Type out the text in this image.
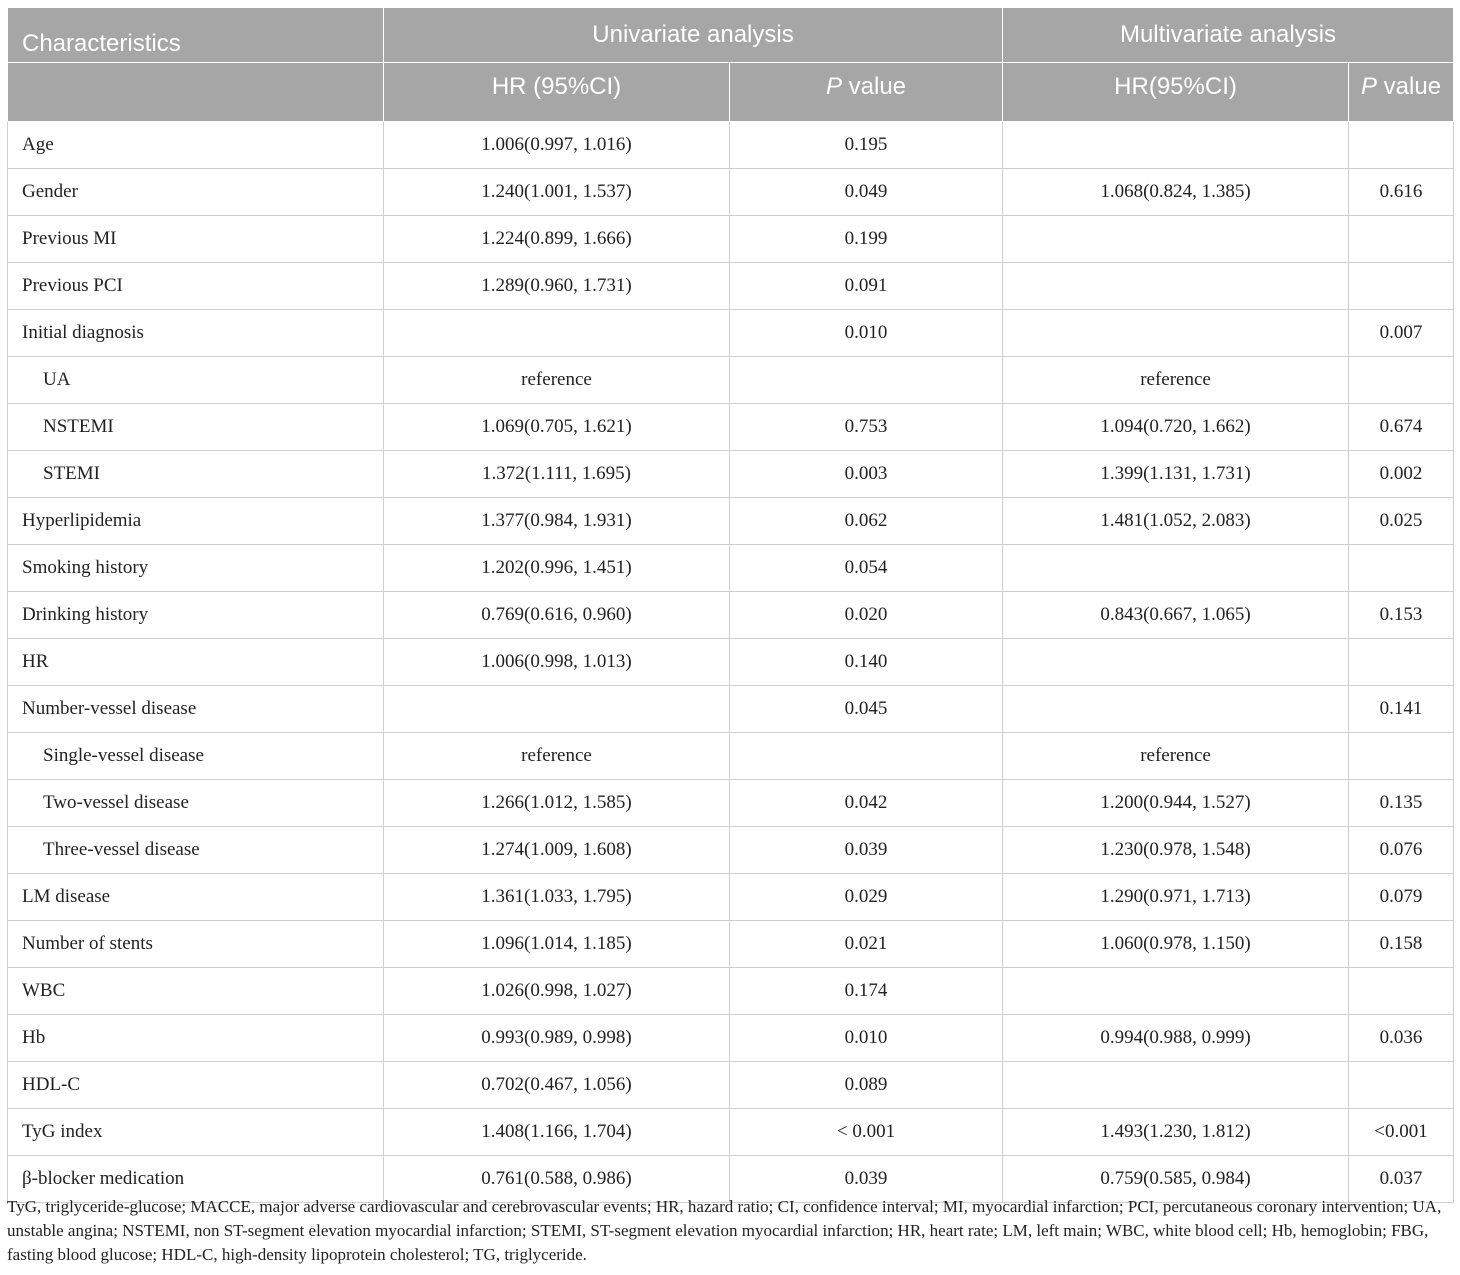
Characteristics	Univariate analysis		Multivariate analysis	
	HR (95%CI)	P value	HR(95%CI)	P value
Age	1.006(0.997, 1.016)	0.195		
Gender	1.240(1.001, 1.537)	0.049	1.068(0.824, 1.385)	0.616
Previous MI	1.224(0.899, 1.666)	0.199		
Previous PCI	1.289(0.960, 1.731)	0.091		
Initial diagnosis		0.010		0.007
UA	reference		reference	
NSTEMI	1.069(0.705, 1.621)	0.753	1.094(0.720, 1.662)	0.674
STEMI	1.372(1.111, 1.695)	0.003	1.399(1.131, 1.731)	0.002
Hyperlipidemia	1.377(0.984, 1.931)	0.062	1.481(1.052, 2.083)	0.025
Smoking history	1.202(0.996, 1.451)	0.054		
Drinking history	0.769(0.616, 0.960)	0.020	0.843(0.667, 1.065)	0.153
HR	1.006(0.998, 1.013)	0.140		
Number-vessel disease		0.045		0.141
Single-vessel disease	reference		reference	
Two-vessel disease	1.266(1.012, 1.585)	0.042	1.200(0.944, 1.527)	0.135
Three-vessel disease	1.274(1.009, 1.608)	0.039	1.230(0.978, 1.548)	0.076
LM disease	1.361(1.033, 1.795)	0.029	1.290(0.971, 1.713)	0.079
Number of stents	1.096(1.014, 1.185)	0.021	1.060(0.978, 1.150)	0.158
WBC	1.026(0.998, 1.027)	0.174		
Hb	0.993(0.989, 0.998)	0.010	0.994(0.988, 0.999)	0.036
HDL-C	0.702(0.467, 1.056)	0.089		
TyG index	1.408(1.166, 1.704)	< 0.001	1.493(1.230, 1.812)	<0.001
β-blocker medication	0.761(0.588, 0.986)	0.039	0.759(0.585, 0.984)	0.037
TyG, triglyceride-glucose; MACCE, major adverse cardiovascular and cerebrovascular events; HR, hazard ratio; CI, confidence interval; MI, myocardial infarction; PCI, percutaneous coronary intervention; UA, unstable angina; NSTEMI, non ST-segment elevation myocardial infarction; STEMI, ST-segment elevation myocardial infarction; HR, heart rate; LM, left main; WBC, white blood cell; Hb, hemoglobin; FBG, fasting blood glucose; HDL-C, high-density lipoprotein cholesterol; TG, triglyceride.
